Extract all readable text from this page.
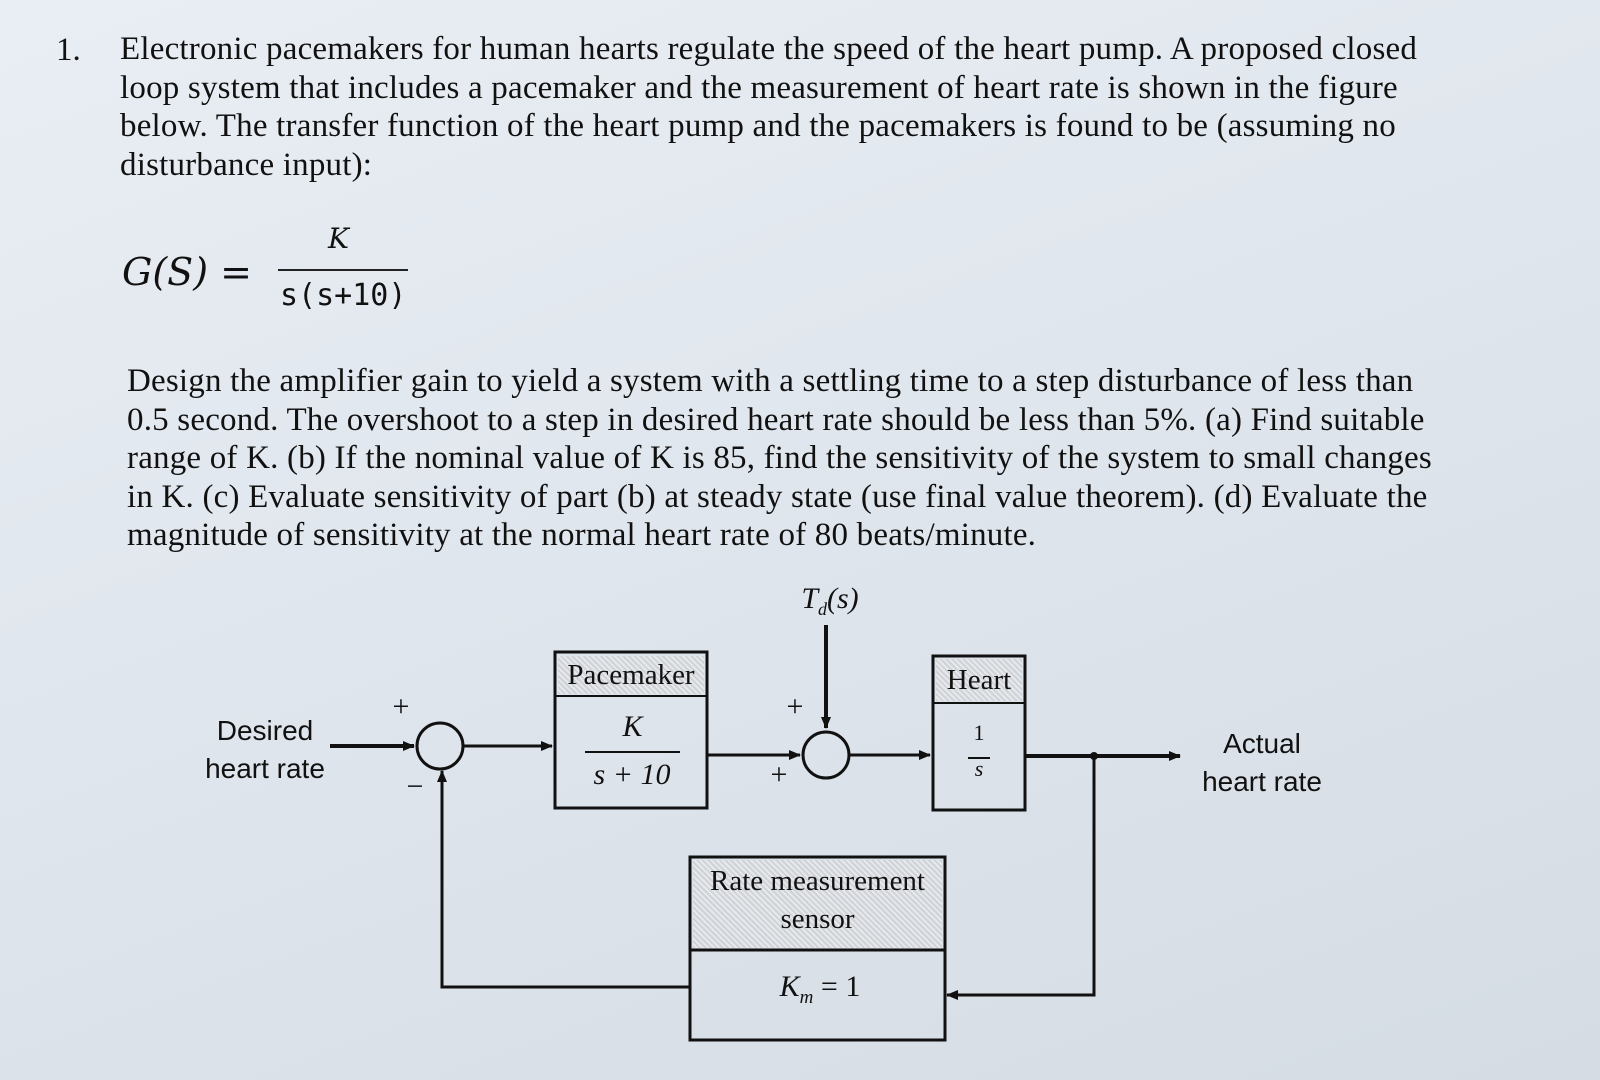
1. Electronic pacemakers for human hearts regulate the speed of the heart pump. A proposed closed loop system that includes a pacemaker and the measurement of heart rate is shown in the figure below. The transfer function of the heart pump and the pacemakers is found to be (assuming no disturbance input):
G(S) =
K
s(s+10)
Design the amplifier gain to yield a system with a settling time to a step disturbance of less than 0.5 second. The overshoot to a step in desired heart rate should be less than 5%. (a) Find suitable range of K. (b) If the nominal value of K is 85, find the sensitivity of the system to small changes in K. (c) Evaluate sensitivity of part (b) at steady state (use final value theorem). (d) Evaluate the magnitude of sensitivity at the normal heart rate of 80 beats/minute.
$T_d(s)$
Desired
heart rate
Actual
heart rate
+
−
+
+
Pacemaker
K
s + 10
Heart
1
s
Rate measurement
sensor
$K_m = 1$
